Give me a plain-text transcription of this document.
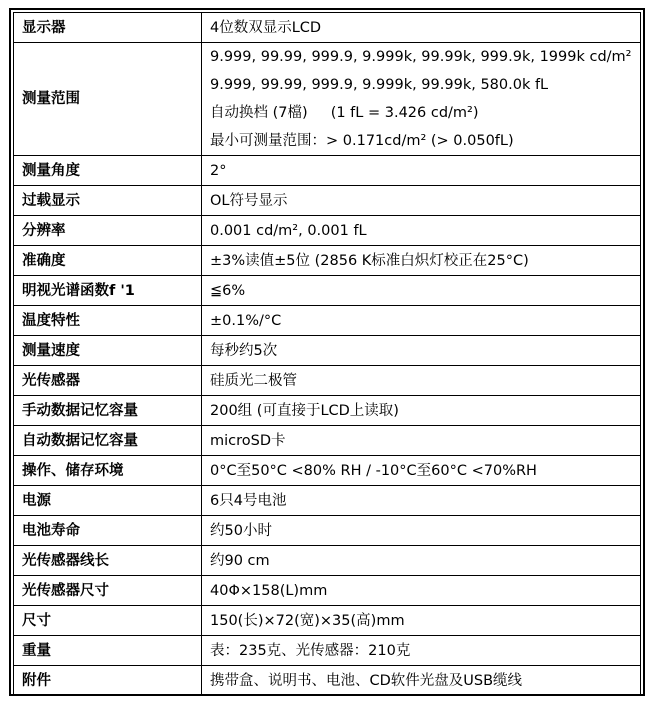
显示器	4位数双显示LCD
测量范围	9.999, 99.99, 999.9, 9.999k, 99.99k, 999.9k, 1999k cd/m²
9.999, 99.99, 999.9, 9.999k, 99.99k, 580.0k fL
自动换档 (7檔)     (1 fL = 3.426 cd/m²)
最小可测量范围：> 0.171cd/m² (> 0.050fL)

测量角度	2°
过载显示	OL符号显示
分辨率	0.001 cd/m², 0.001 fL
准确度	±3%读值±5位 (2856 K标准白炽灯校正在25°C)
明视光谱函数f '1	≦6%
温度特性	±0.1%/°C
测量速度	每秒约5次
光传感器	硅质光二极管
手动数据记忆容量	200组 (可直接于LCD上读取)
自动数据记忆容量	microSD卡
操作、储存环境	0°C至50°C <80% RH / -10°C至60°C <70%RH
电源	6只4号电池
电池寿命	约50小时
光传感器线长	约90 cm
光传感器尺寸	40Φ×158(L)mm
尺寸	150(长)×72(宽)×35(高)mm
重量	表：235克、光传感器：210克
附件	携带盒、说明书、电池、CD软件光盘及USB缆线
